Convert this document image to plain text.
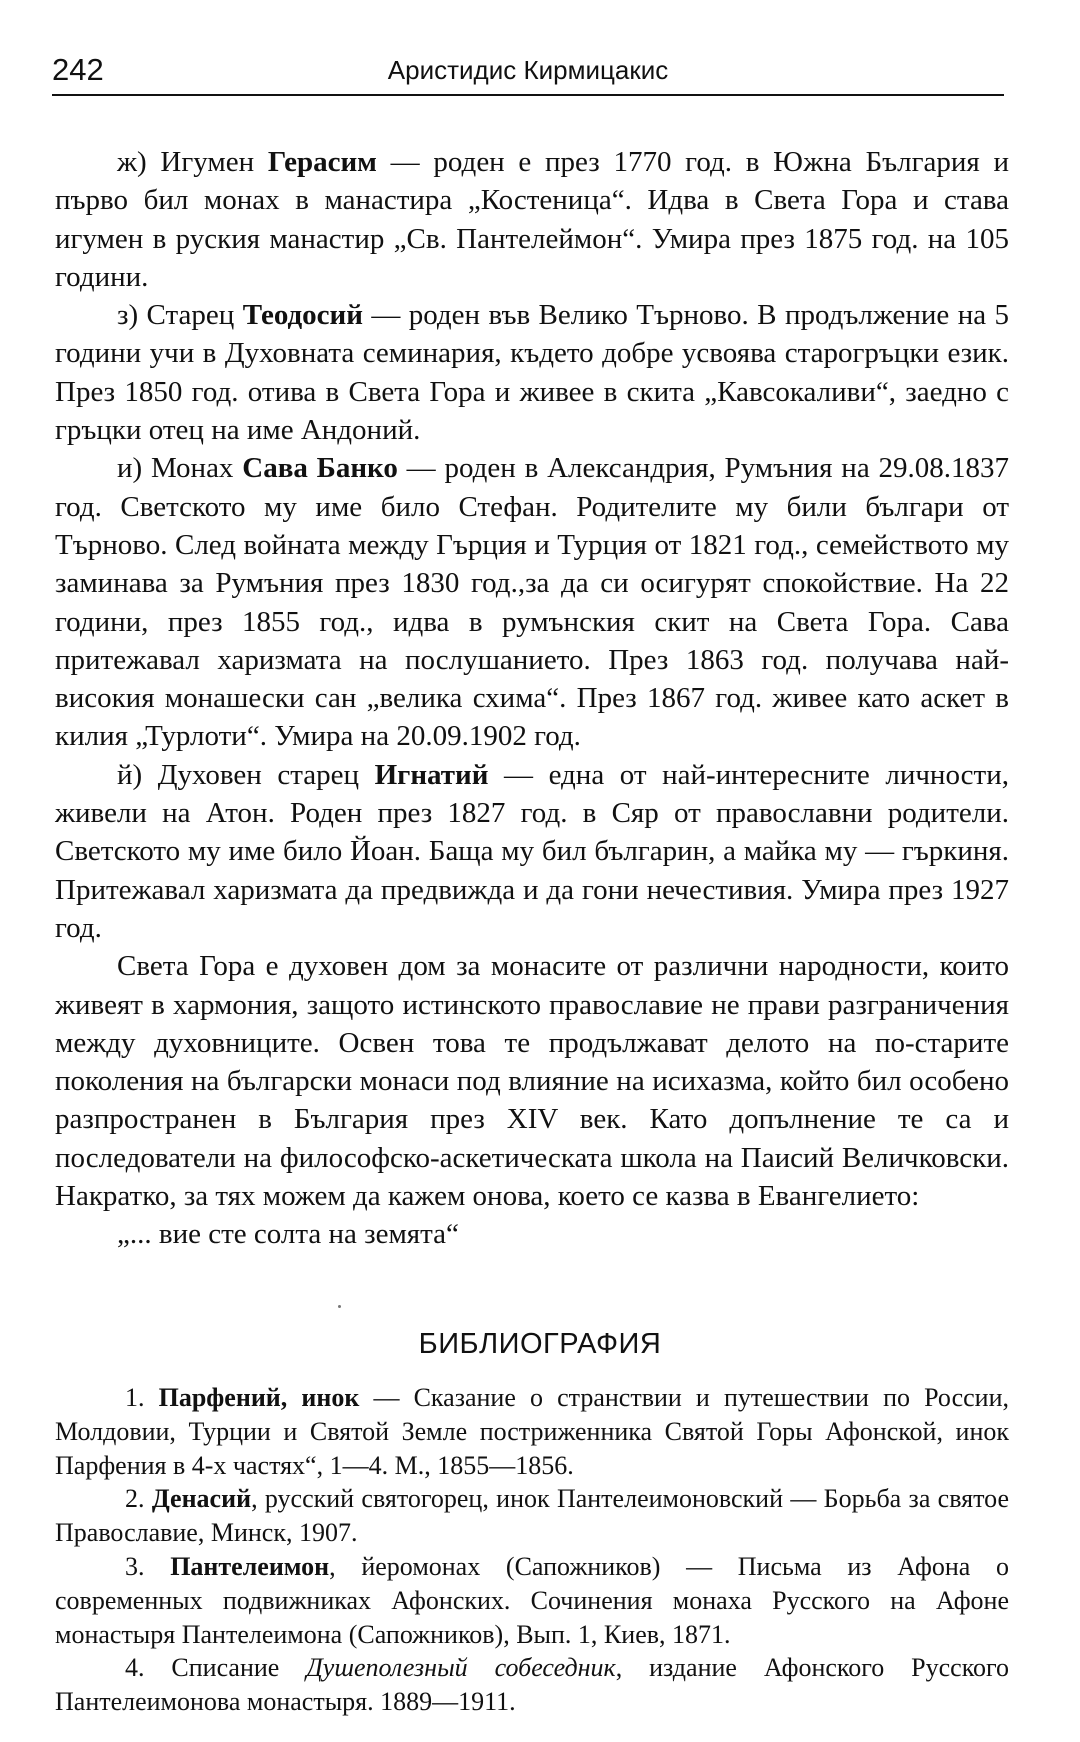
242	Аристидис Кирмицакис

ж) Игумен Герасим — роден е през 1770 год. в Южна България и първо бил монах в манастира „Костеница“. Идва в Света Гора и става игумен в руския манастир „Св. Пантелеймон“. Умира през 1875 год. на 105 години.

з) Старец Теодосий — роден във Велико Търново. В продължение на 5 години учи в Духовната семинария, където добре усвоява старогръцки език. През 1850 год. отива в Света Гора и живее в скита „Кавсокаливи“, заедно с гръцки отец на име Андоний.

и) Монах Сава Банко — роден в Александрия, Румъния на 29.08.1837 год. Светското му име било Стефан. Родителите му били българи от Търново. След войната между Гърция и Турция от 1821 год., семейството му заминава за Румъния през 1830 год.,за да си осигурят спокойствие. На 22 години, през 1855 год., идва в румънския скит на Света Гора. Сава притежавал харизмата на послушанието. През 1863 год. получава най-високия монашески сан „велика схима“. През 1867 год. живее като аскет в килия „Турлоти“. Умира на 20.09.1902 год.

й) Духовен старец Игнатий — една от най-интересните личности, живели на Атон. Роден през 1827 год. в Сяр от православни родители. Светското му име било Йоан. Баща му бил българин, а майка му — гъркиня. Притежавал харизмата да предвижда и да гони нечестивия. Умира през 1927 год.

Света Гора е духовен дом за монасите от различни народности, които живеят в хармония, защото истинското православие не прави разграничения между духовниците. Освен това те продължават делото на по-старите поколения на български монаси под влияние на исихазма, който бил особено разпространен в България през XIV век. Като допълнение те са и последователи на философско-аскетическата школа на Паисий Величковски. Накратко, за тях можем да кажем онова, което се казва в Евангелието:

„... вие сте солта на земята“

БИБЛИОГРАФИЯ

1. Парфений, инок — Сказание о странствии и путешествии по России, Молдовии, Турции и Святой Земле постриженника Святой Горы Афонской, инок Парфения в 4-х частях“, 1—4. М., 1855—1856.

2. Денасий, русский святогорец, инок Пантелеимоновский — Борьба за святое Православие, Минск, 1907.

3. Пантелеимон, йеромонах (Сапожников) — Письма из Афона о современных подвижниках Афонских. Сочинения монаха Русского на Афоне монастыря Пантелеимона (Сапожников), Вып. 1, Киев, 1871.

4. Списание Душеполезный собеседник, издание Афонского Русского Пантелеимонова монастыря. 1889—1911.
